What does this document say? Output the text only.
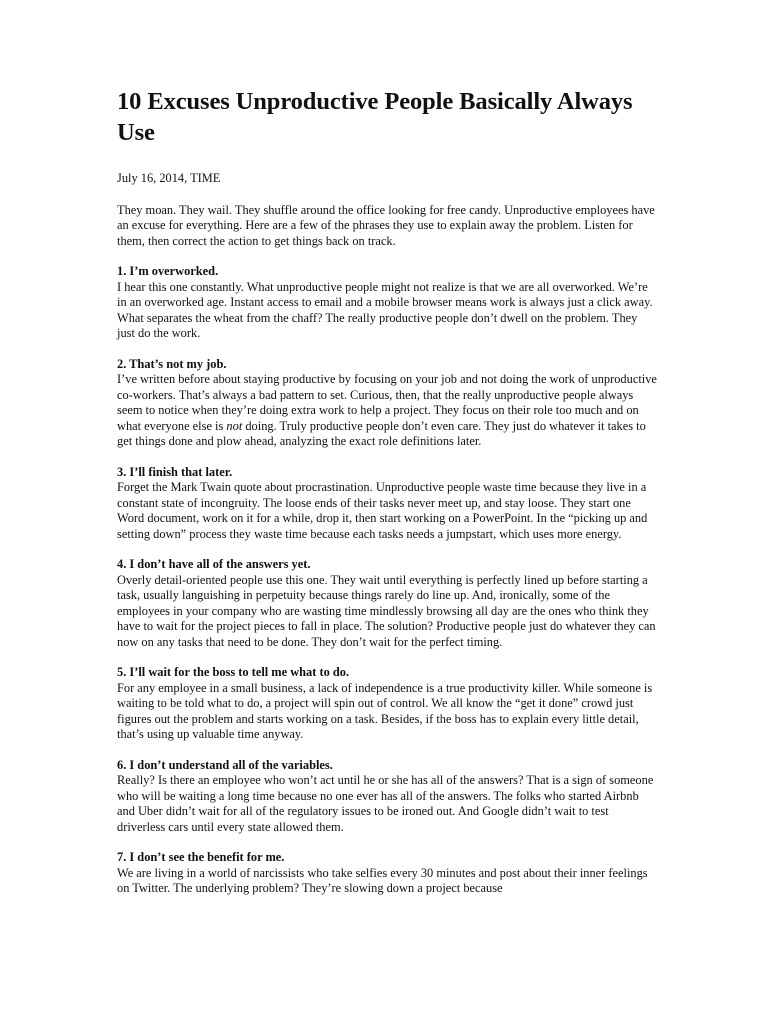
10 Excuses Unproductive People Basically Always Use

July 16, 2014, TIME

They moan. They wail. They shuffle around the office looking for free candy. Unproductive employees have an excuse for everything. Here are a few of the phrases they use to explain away the problem. Listen for them, then correct the action to get things back on track.

1. I’m overworked.

I hear this one constantly. What unproductive people might not realize is that we are all overworked. We’re in an overworked age. Instant access to email and a mobile browser means work is always just a click away. What separates the wheat from the chaff? The really productive people don’t dwell on the problem. They just do the work.

2. That’s not my job.

I’ve written before about staying productive by focusing on your job and not doing the work of unproductive co-workers. That’s always a bad pattern to set. Curious, then, that the really unproductive people always seem to notice when they’re doing extra work to help a project. They focus on their role too much and on what everyone else is not doing. Truly productive people don’t even care. They just do whatever it takes to get things done and plow ahead, analyzing the exact role definitions later.

3. I’ll finish that later.

Forget the Mark Twain quote about procrastination. Unproductive people waste time because they live in a constant state of incongruity. The loose ends of their tasks never meet up, and stay loose. They start one Word document, work on it for a while, drop it, then start working on a PowerPoint. In the “picking up and setting down” process they waste time because each tasks needs a jumpstart, which uses more energy.

4. I don’t have all of the answers yet.

Overly detail-oriented people use this one. They wait until everything is perfectly lined up before starting a task, usually languishing in perpetuity because things rarely do line up. And, ironically, some of the employees in your company who are wasting time mindlessly browsing all day are the ones who think they have to wait for the project pieces to fall in place. The solution? Productive people just do whatever they can now on any tasks that need to be done. They don’t wait for the perfect timing.

5. I’ll wait for the boss to tell me what to do.

For any employee in a small business, a lack of independence is a true productivity killer. While someone is waiting to be told what to do, a project will spin out of control. We all know the “get it done” crowd just figures out the problem and starts working on a task. Besides, if the boss has to explain every little detail, that’s using up valuable time anyway.

6. I don’t understand all of the variables.

Really? Is there an employee who won’t act until he or she has all of the answers? That is a sign of someone who will be waiting a long time because no one ever has all of the answers. The folks who started Airbnb and Uber didn’t wait for all of the regulatory issues to be ironed out. And Google didn’t wait to test driverless cars until every state allowed them.

7. I don’t see the benefit for me.

We are living in a world of narcissists who take selfies every 30 minutes and post about their inner feelings on Twitter. The underlying problem? They’re slowing down a project because
